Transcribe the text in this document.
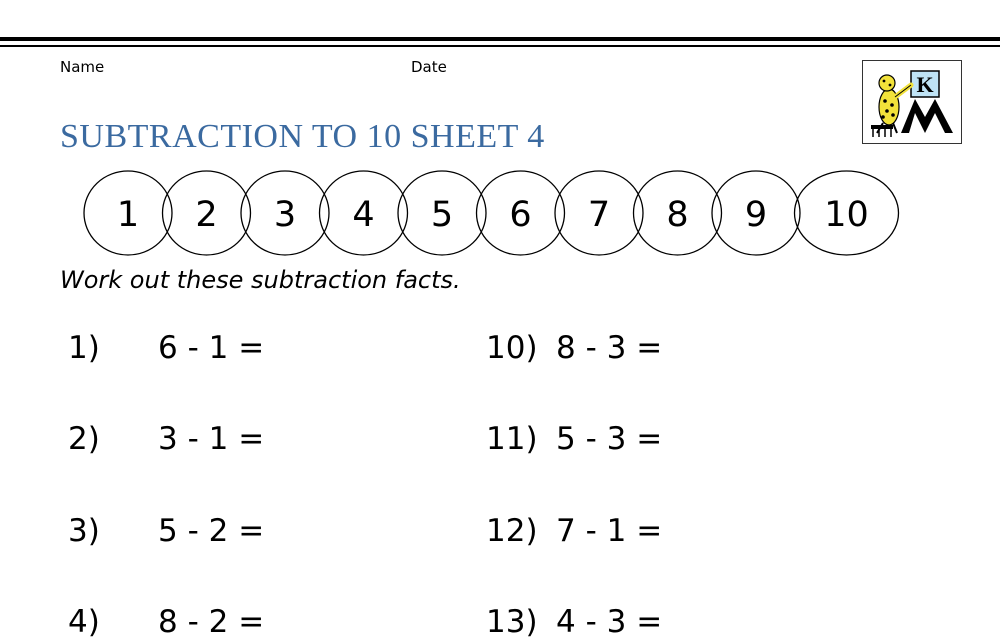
Name	Date
K
SUBTRACTION TO 10 SHEET 4
1 2 3 4 5 6 7 8 9 10
Work out these subtraction facts.
1) 6 - 1 =
2) 3 - 1 =
3) 5 - 2 =
4) 8 - 2 =
10) 8 - 3 =
11) 5 - 3 =
12) 7 - 1 =
13) 4 - 3 =
